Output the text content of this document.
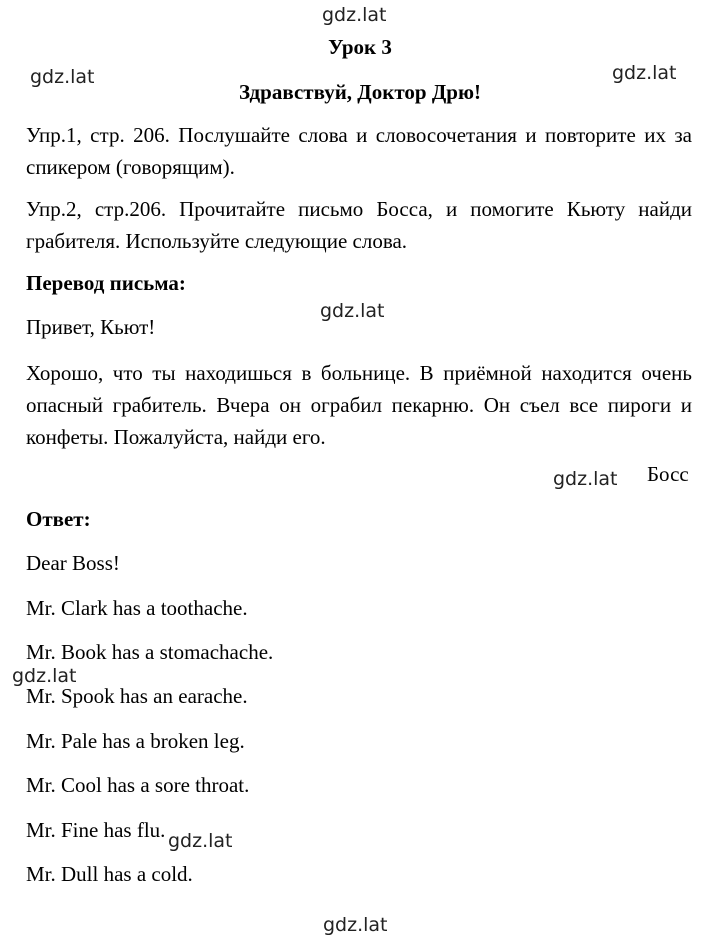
gdz.lat
gdz.lat	gdz.lat
gdz.lat
gdz.lat
gdz.lat
gdz.lat
gdz.lat
Урок 3
Здравствуй, Доктор Дрю!
Упр.1, стр. 206. Послушайте слова и словосочетания и повторите их за спикером (говорящим).
Упр.2, стр.206. Прочитайте письмо Босса, и помогите Кьюту найди грабителя. Используйте следующие слова.
Перевод письма:
Привет, Кьют!
Хорошо, что ты находишься в больнице. В приёмной находится очень опасный грабитель. Вчера он ограбил пекарню. Он съел все пироги и конфеты. Пожалуйста, найди его.
Босс
Ответ:
Dear Boss!
Mr. Clark has a toothache.
Mr. Book has a stomachache.
Mr. Spook has an earache.
Mr. Pale has a broken leg.
Mr. Cool has a sore throat.
Mr. Fine has flu.
Mr. Dull has a cold.
